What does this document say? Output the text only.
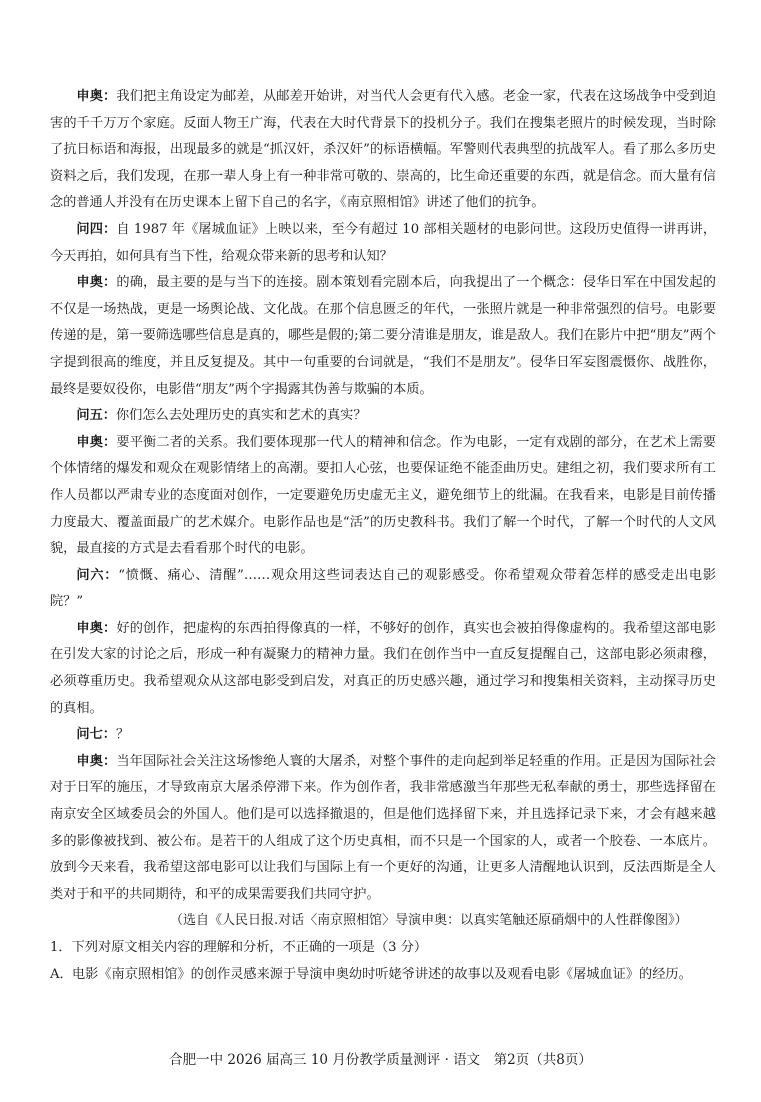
申奥：我们把主角设定为邮差，从邮差开始讲，对当代人会更有代入感。老金一家，代表在这场战争中受到迫害的千千万万个家庭。反面人物王广海，代表在大时代背景下的投机分子。我们在搜集老照片的时候发现，当时除了抗日标语和海报，出现最多的就是“抓汉奸，杀汉奸”的标语横幅。军警则代表典型的抗战军人。看了那么多历史资料之后，我们发现，在那一辈人身上有一种非常可敬的、崇高的，比生命还重要的东西，就是信念。而大量有信念的普通人并没有在历史课本上留下自己的名字，《南京照相馆》讲述了他们的抗争。

问四：自 1987 年《屠城血证》上映以来，至今有超过 10 部相关题材的电影问世。这段历史值得一讲再讲，今天再拍，如何具有当下性，给观众带来新的思考和认知？

申奥：的确，最主要的是与当下的连接。剧本策划看完剧本后，向我提出了一个概念：侵华日军在中国发起的不仅是一场热战，更是一场舆论战、文化战。在那个信息匮乏的年代，一张照片就是一种非常强烈的信号。电影要传递的是，第一要筛选哪些信息是真的，哪些是假的;第二要分清谁是朋友，谁是敌人。我们在影片中把“朋友”两个字提到很高的维度，并且反复提及。其中一句重要的台词就是，“我们不是朋友”。侵华日军妄图震慑你、战胜你，最终是要奴役你，电影借“朋友”两个字揭露其伪善与欺骗的本质。

问五：你们怎么去处理历史的真实和艺术的真实？

申奥：要平衡二者的关系。我们要体现那一代人的精神和信念。作为电影，一定有戏剧的部分，在艺术上需要个体情绪的爆发和观众在观影情绪上的高潮。要扣人心弦，也要保证绝不能歪曲历史。建组之初，我们要求所有工作人员都以严肃专业的态度面对创作，一定要避免历史虚无主义，避免细节上的纰漏。在我看来，电影是目前传播力度最大、覆盖面最广的艺术媒介。电影作品也是“活”的历史教科书。我们了解一个时代，了解一个时代的人文风貌，最直接的方式是去看看那个时代的电影。

问六：“愤慨、痛心、清醒”……观众用这些词表达自己的观影感受。你希望观众带着怎样的感受走出电影院？”

申奥：好的创作，把虚构的东西拍得像真的一样，不够好的创作，真实也会被拍得像虚构的。我希望这部电影在引发大家的讨论之后，形成一种有凝聚力的精神力量。我们在创作当中一直反复提醒自己，这部电影必须肃穆，必须尊重历史。我希望观众从这部电影受到启发，对真正的历史感兴趣，通过学习和搜集相关资料，主动探寻历史的真相。

问七：？

申奥：当年国际社会关注这场惨绝人寰的大屠杀，对整个事件的走向起到举足轻重的作用。正是因为国际社会对于日军的施压，才导致南京大屠杀停滞下来。作为创作者，我非常感激当年那些无私奉献的勇士，那些选择留在南京安全区域委员会的外国人。他们是可以选择撤退的，但是他们选择留下来，并且选择记录下来，才会有越来越多的影像被找到、被公布。是若干的人组成了这个历史真相，而不只是一个国家的人，或者一个胶卷、一本底片。放到今天来看，我希望这部电影可以让我们与国际上有一个更好的沟通，让更多人清醒地认识到，反法西斯是全人类对于和平的共同期待，和平的成果需要我们共同守护。

（选自《人民日报.对话〈南京照相馆〉导演申奥：以真实笔触还原硝烟中的人性群像图》）

1．下列对原文相关内容的理解和分析，不正确的一项是（3 分）

A．电影《南京照相馆》的创作灵感来源于导演申奥幼时听姥爷讲述的故事以及观看电影《屠城血证》的经历。

合肥一中 2026 届高三 10 月份教学质量测评 · 语文　第2页（共8页）
